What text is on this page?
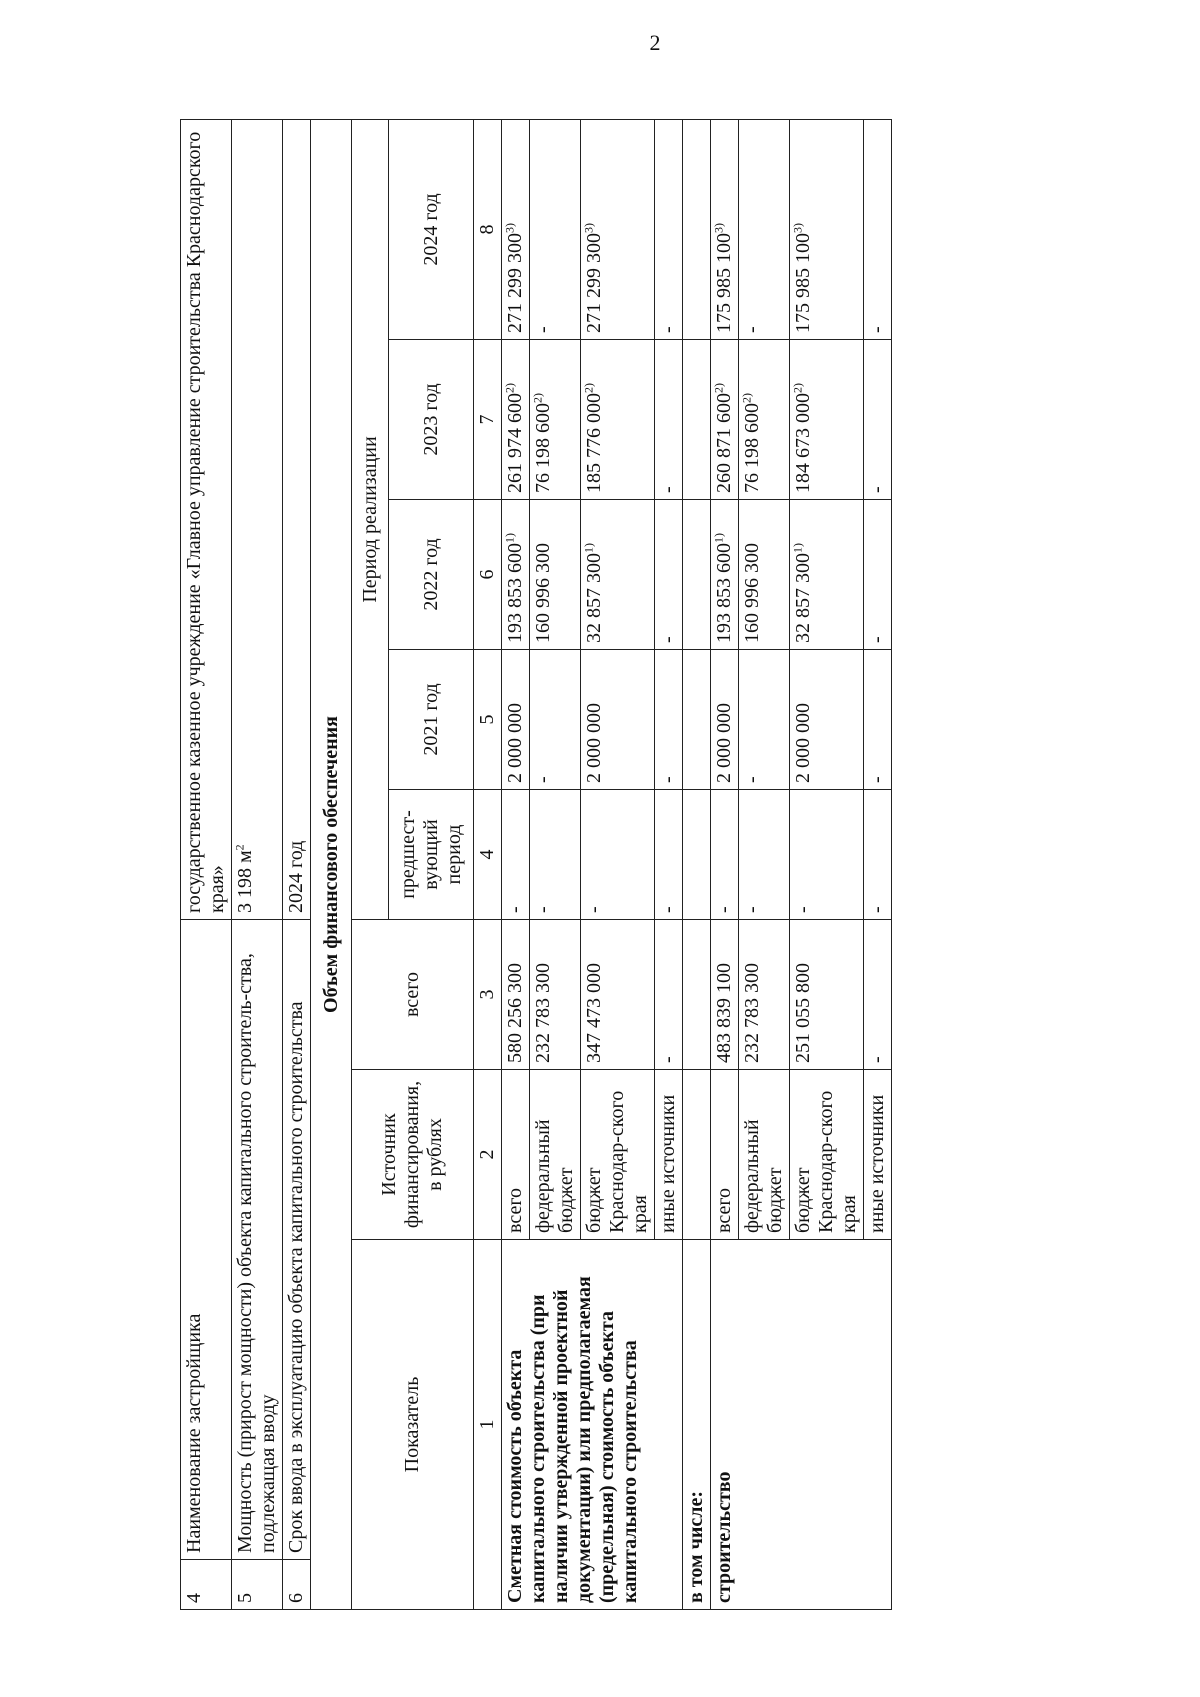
2
4	Наименование застройщика			государственное казенное учреждение «Главное управление строительства Краснодарского края»				
5	Мощность (прирост мощности) объекта капитального строитель-ства, подлежащая вводу			3 198 $м^2$
6	Срок ввода в эксплуатацию объекта капитального строительства			2024 год				
Объем финансового обеспечения								
Показатель		Источник финансирования, в рублях	всего	Период реализации				
				предшест-вующий период	2021 год	2022 год	2023 год	2024 год
1		2	3	4	5	6	7	8
Сметная стоимость объекта капитального строительства (при наличии утвержденной проектной документации) или предполагаемая (предельная) стоимость объекта капитального строительства		всего	580 256 300	-	2 000 000	193 853 600$^{1)}$	261 974 600$^{2)}$	271 299 300$^{3)}$
		федеральный бюджет	232 783 300	-	-	160 996 300	76 198 600$^{2)}$	-
		бюджет Краснодар-ского края	347 473 000	-	2 000 000	32 857 300$^{1)}$	185 776 000$^{2)}$	271 299 300$^{3)}$
		иные источники	-	-	-	-	-	-
в том числе:								
строительство		всего	483 839 100	-	2 000 000	193 853 600$^{1)}$	260 871 600$^{2)}$	175 985 100$^{3)}$
		федеральный бюджет	232 783 300	-	-	160 996 300	76 198 600$^{2)}$	-
		бюджет Краснодар-ского края	251 055 800	-	2 000 000	32 857 300$^{1)}$	184 673 000$^{2)}$	175 985 100$^{3)}$
		иные источники	-	-	-	-	-	-
